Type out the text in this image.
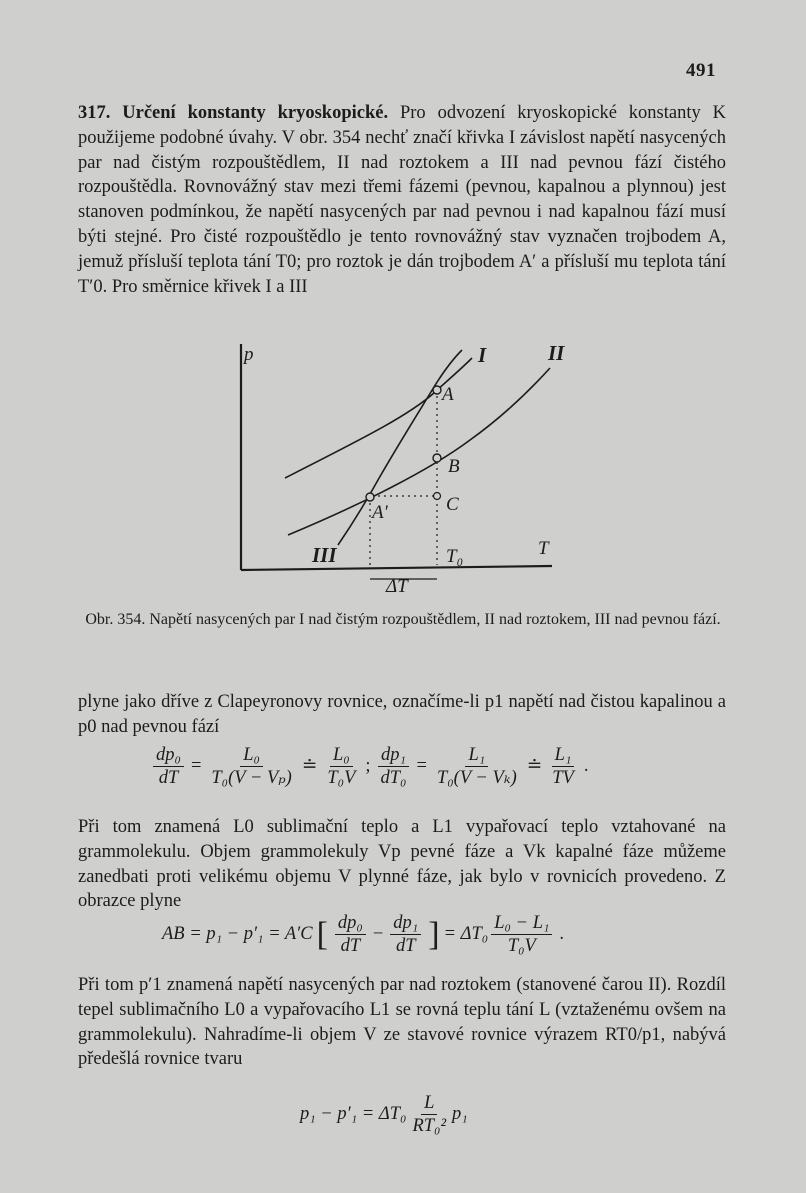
491
317. Určení konstanty kryoskopické. Pro odvození kryoskopické konstanty K použijeme podobné úvahy. V obr. 354 nechť značí křivka I závislost napětí nasycených par nad čistým rozpouštědlem, II nad roztokem a III nad pevnou fází čistého rozpouštědla. Rovnovážný stav mezi třemi fázemi (pevnou, kapalnou a plynnou) jest stanoven podmínkou, že napětí nasycených par nad pevnou i nad kapalnou fází musí býti stejné. Pro čisté rozpouštědlo je tento rovnovážný stav vyznačen trojbodem A, jemuž přísluší teplota tání T0; pro roztok je dán trojbodem A′ a přísluší mu teplota tání T′0. Pro směrnice křivek I a III
p
T
I	II
III
A
B
C
A′
T₀
ΔT
Obr. 354. Napětí nasycených par I nad čistým rozpouštědlem, II nad roztokem, III nad pevnou fází.
plyne jako dříve z Clapeyronovy rovnice, označíme-li p1 napětí nad čistou kapalinou a p0 nad pevnou fází
$\frac{\text{dp₀}}{dT} = \frac{\text{L₀}}{\text{T₀(V − Vₚ)}}$ ≐ $\frac{\text{L₀}}{\text{T₀V}}$ ; $\frac{\text{dp₁}}{\text{dT₀}} = \frac{\text{L₁}}{\text{T₀(V − Vₖ)}}$ ≐ $\frac{\text{L₁}}{TV}$ .
Při tom znamená L0 sublimační teplo a L1 vypařovací teplo vztahované na grammolekulu. Objem grammolekuly Vp pevné fáze a Vk kapalné fáze můžeme zanedbati proti velikému objemu V plynné fáze, jak bylo v rovnicích provedeno. Z obrazce plyne
AB = p₁ − p′₁ = A′C [ $\frac{\text{dp₀}}{dT} - \frac{\text{dp₁}}{dT}$ ] = $\Delta T_0 \frac{\text{L₀ − L₁}}{\text{T₀V}}$ .
Při tom p′1 znamená napětí nasycených par nad roztokem (stanovené čarou II). Rozdíl tepel sublimačního L0 a vypařovacího L1 se rovná teplu tání L (vztaženému ovšem na grammolekulu). Nahradíme-li objem V ze stavové rovnice výrazem RT0/p1, nabývá předešlá rovnice tvaru
$p_1 - p'_1 = \Delta T_0 \frac{L}{\text{RT₀²}} p_1$
